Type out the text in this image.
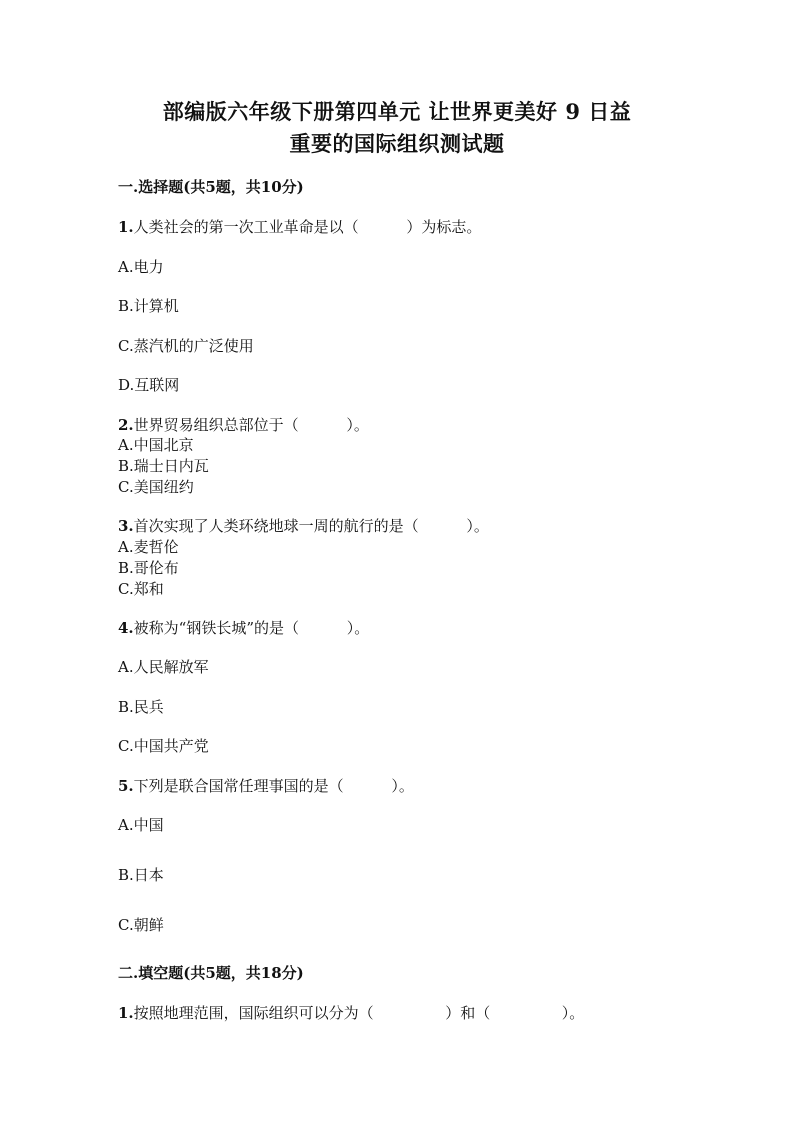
部编版六年级下册第四单元 让世界更美好 9 日益
重要的国际组织测试题
一.选择题(共5题，共10分)
1.人类社会的第一次工业革命是以（          ）为标志。
A.电力
B.计算机
C.蒸汽机的广泛使用
D.互联网
2.世界贸易组织总部位于（          ）。
A.中国北京
B.瑞士日内瓦
C.美国纽约
3.首次实现了人类环绕地球一周的航行的是（          ）。
A.麦哲伦
B.哥伦布
C.郑和
4.被称为“钢铁长城”的是（          ）。
A.人民解放军
B.民兵
C.中国共产党
5.下列是联合国常任理事国的是（          ）。
A.中国
B.日本
C.朝鲜
二.填空题(共5题，共18分)
1.按照地理范围，国际组织可以分为（               ）和（               ）。
